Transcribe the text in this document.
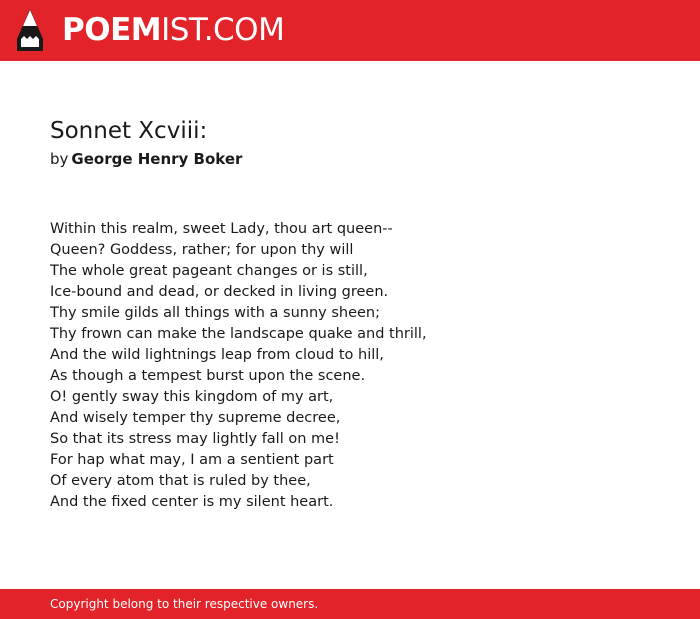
POEMIST.COM
Sonnet Xcviii:
by George Henry Boker
Within this realm, sweet Lady, thou art queen--
Queen? Goddess, rather; for upon thy will
The whole great pageant changes or is still,
Ice-bound and dead, or decked in living green.
Thy smile gilds all things with a sunny sheen;
Thy frown can make the landscape quake and thrill,
And the wild lightnings leap from cloud to hill,
As though a tempest burst upon the scene.
O! gently sway this kingdom of my art,
And wisely temper thy supreme decree,
So that its stress may lightly fall on me!
For hap what may, I am a sentient part
Of every atom that is ruled by thee,
And the fixed center is my silent heart.
Copyright belong to their respective owners.
